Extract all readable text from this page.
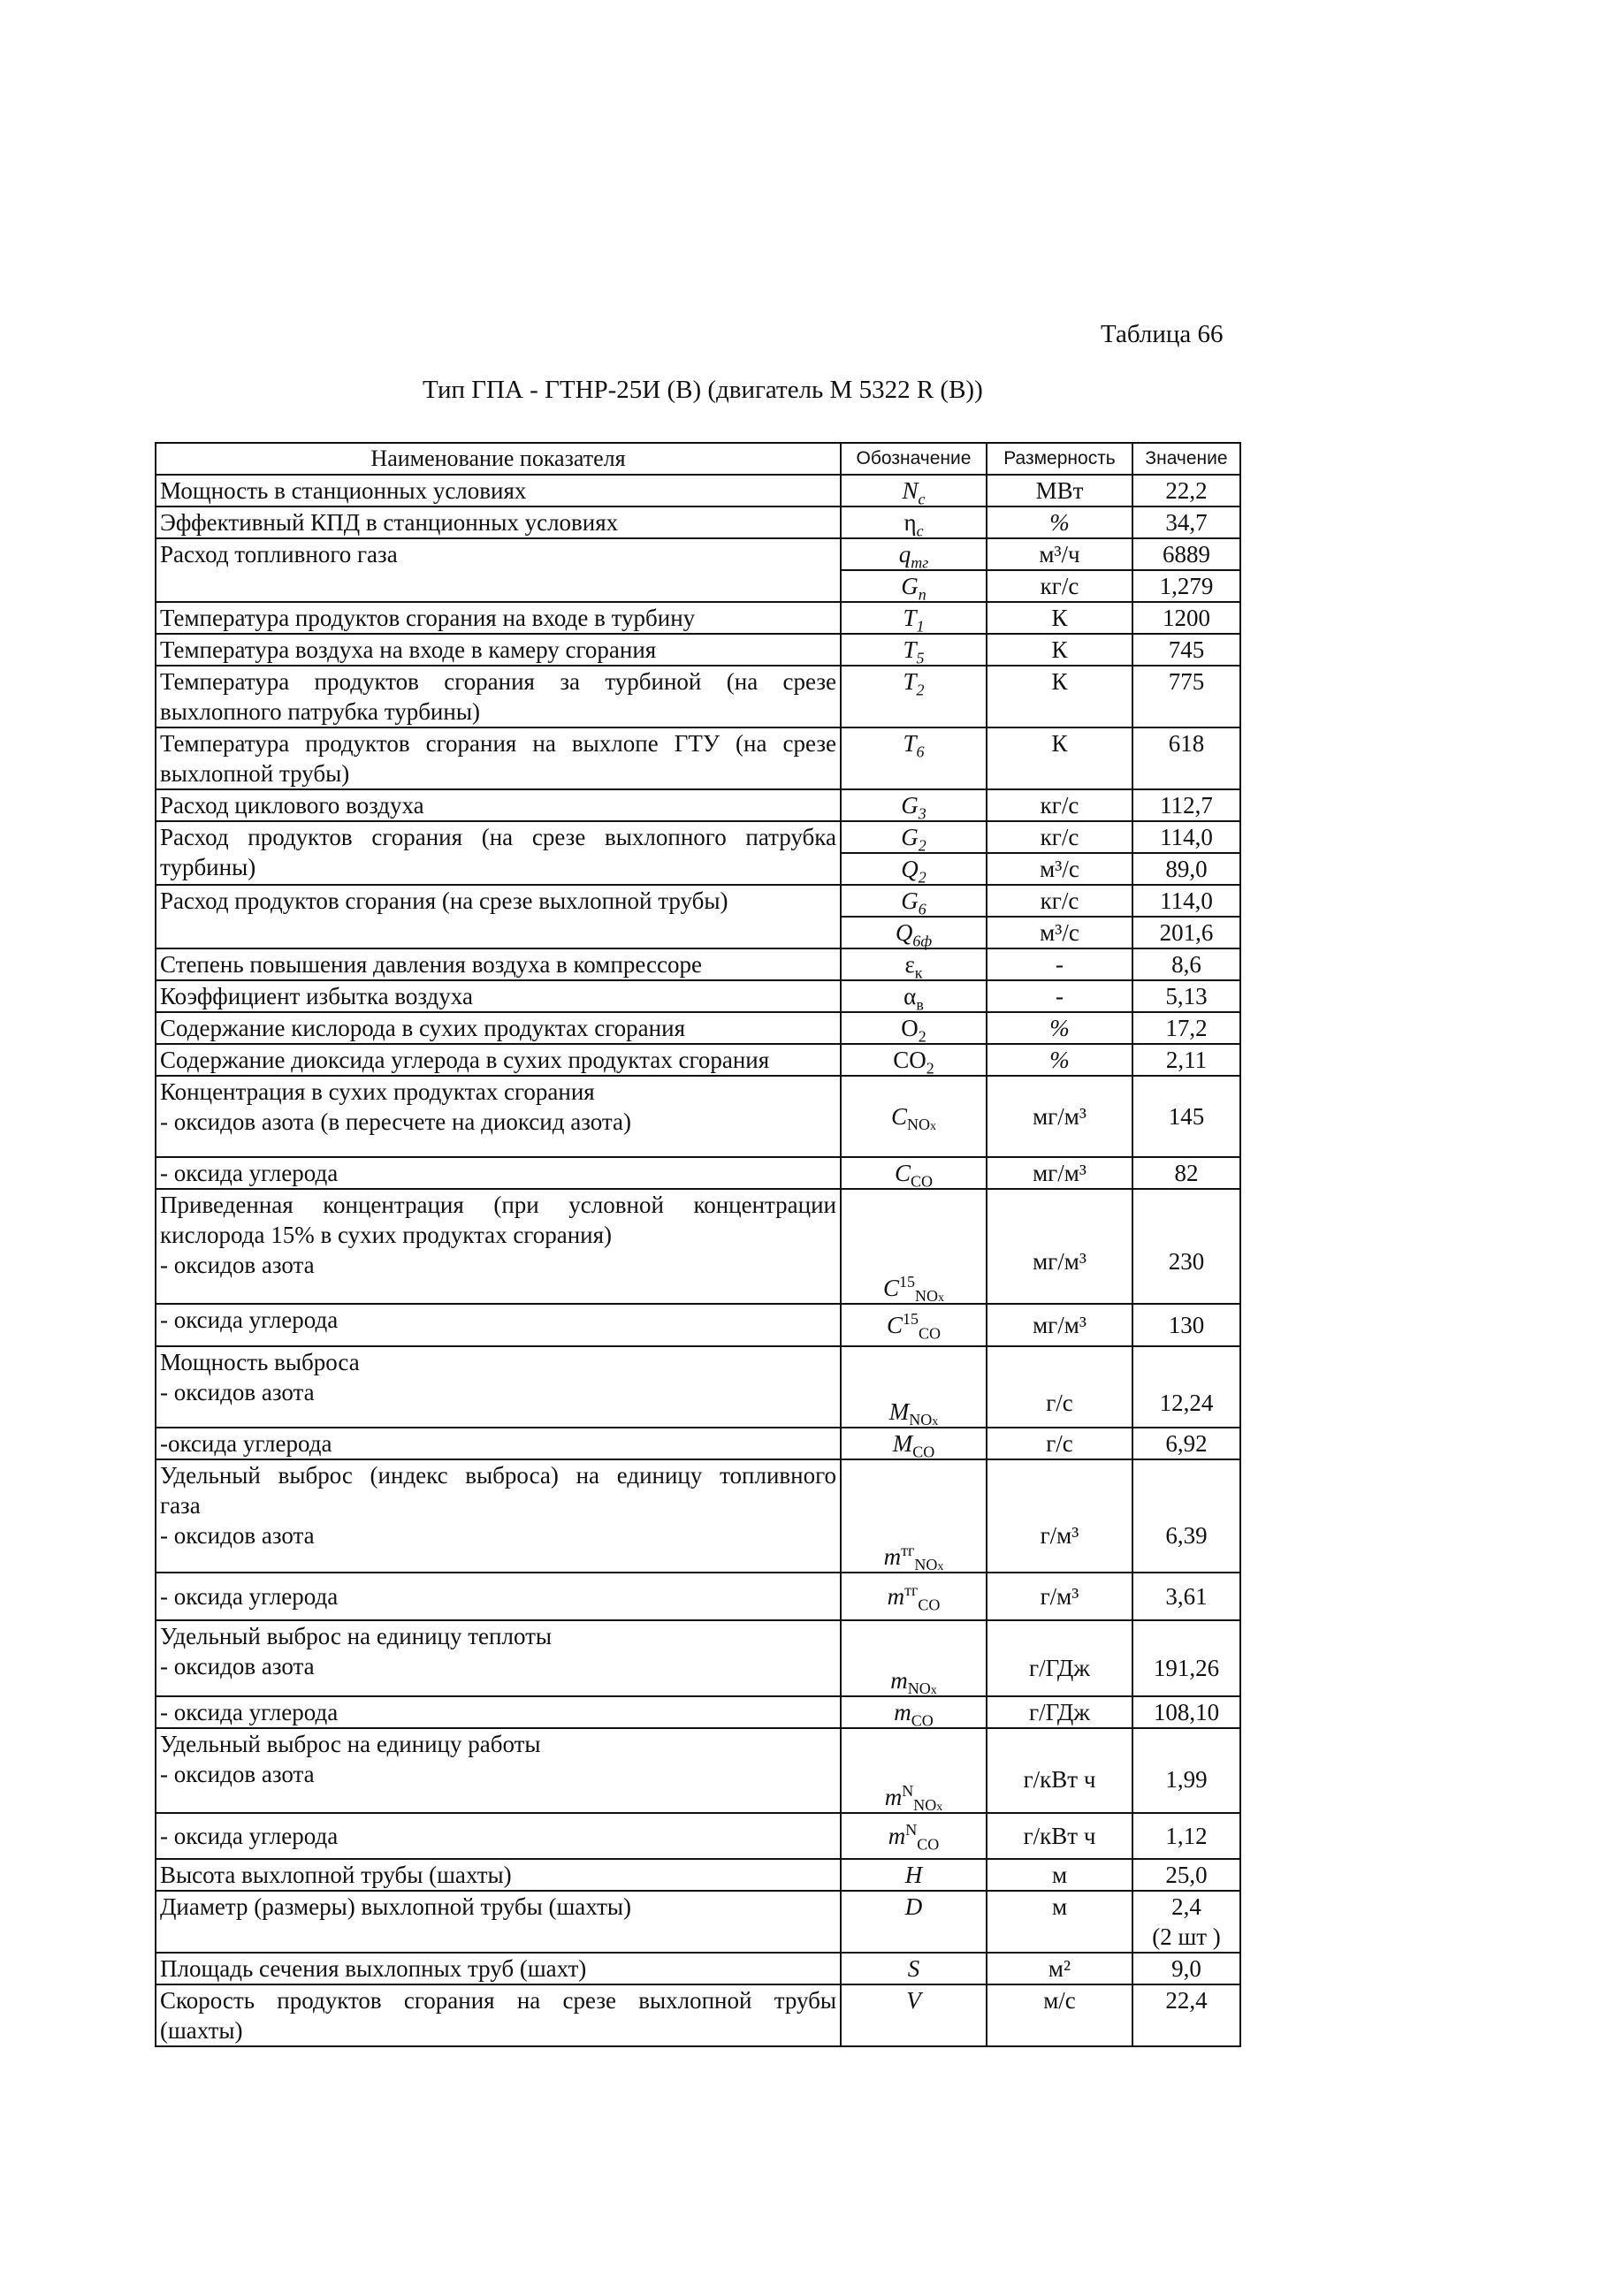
Таблица 66
Тип ГПА - ГТНР-25И (В) (двигатель М 5322 R (В))
Наименование показателя	Обозначение	Размерность	Значение
Мощность в станционных условиях	$N_c$	МВт	22,2
Эффективный КПД в станционных условиях	$\eta_c$	%	34,7
Расход топливного газа	$q_{тг}$	м³/ч	6889
	$G_n$	кг/с	1,279
Температура продуктов сгорания на входе в турбину	$T_1$	К	1200
Температура воздуха на входе в камеру сгорания	$T_5$	К	745

Температура продуктов сгорания за турбиной (на срезе
выхлопного патрубка турбины)	$T_2$	К	775

Температура продуктов сгорания на выхлопе ГТУ (на срезе
выхлопной трубы)	$T_6$	К	618
Расход циклового воздуха	$G_3$	кг/с	112,7

Расход продуктов сгорания (на срезе выхлопного патрубка
турбины)	$G_2$	кг/с	114,0
	$Q_2$	м³/с	89,0
Расход продуктов сгорания (на срезе выхлопной трубы)	$G_6$	кг/с	114,0
	$Q_{6ф}$	м³/с	201,6
Степень повышения давления воздуха в компрессоре	$\varepsilon_к$	-	8,6
Коэффициент избытка воздуха	$\alpha_в$	-	5,13
Содержание кислорода в сухих продуктах сгорания	$O_2$	%	17,2
Содержание диоксида углерода в сухих продуктах сгорания	$CO_2$	%	2,11

Концентрация в сухих продуктах сгорания
- оксидов азота (в пересчете на диоксид азота)	$C_{NOx}$	мг/м³	145
- оксида углерода	$C_{CO}$	мг/м³	82

Приведенная концентрация (при условной концентрации
кислорода 15% в сухих продуктах сгорания)
- оксидов азота	$C^{15}_{NOx}$	мг/м³	230
- оксида углерода	$C^{15}_{CO}$	мг/м³	130

Мощность выброса
- оксидов азота	$M_{NOx}$	г/с	12,24
-оксида углерода	$M_{CO}$	г/с	6,92

Удельный выброс (индекс выброса) на единицу топливного
газа
- оксидов азота	$m^{тг}_{NOx}$	г/м³	6,39
- оксида углерода	$m^{тг}_{CO}$	г/м³	3,61

Удельный выброс на единицу теплоты
- оксидов азота	$m_{NOx}$	г/ГДж	191,26
- оксида углерода	$m_{CO}$	г/ГДж	108,10

Удельный выброс на единицу работы
- оксидов азота	$m^N_{NOx}$	г/кВт ч	1,99
- оксида углерода	$m^N_{CO}$	г/кВт ч	1,12
Высота выхлопной трубы (шахты)	H	м	25,0
Диаметр (размеры) выхлопной трубы (шахты)	D	м	2,4
(2 шт )

Площадь сечения выхлопных труб (шахт)	S	м²	9,0

Скорость продуктов сгорания на срезе выхлопной трубы
(шахты)	V	м/с	22,4
